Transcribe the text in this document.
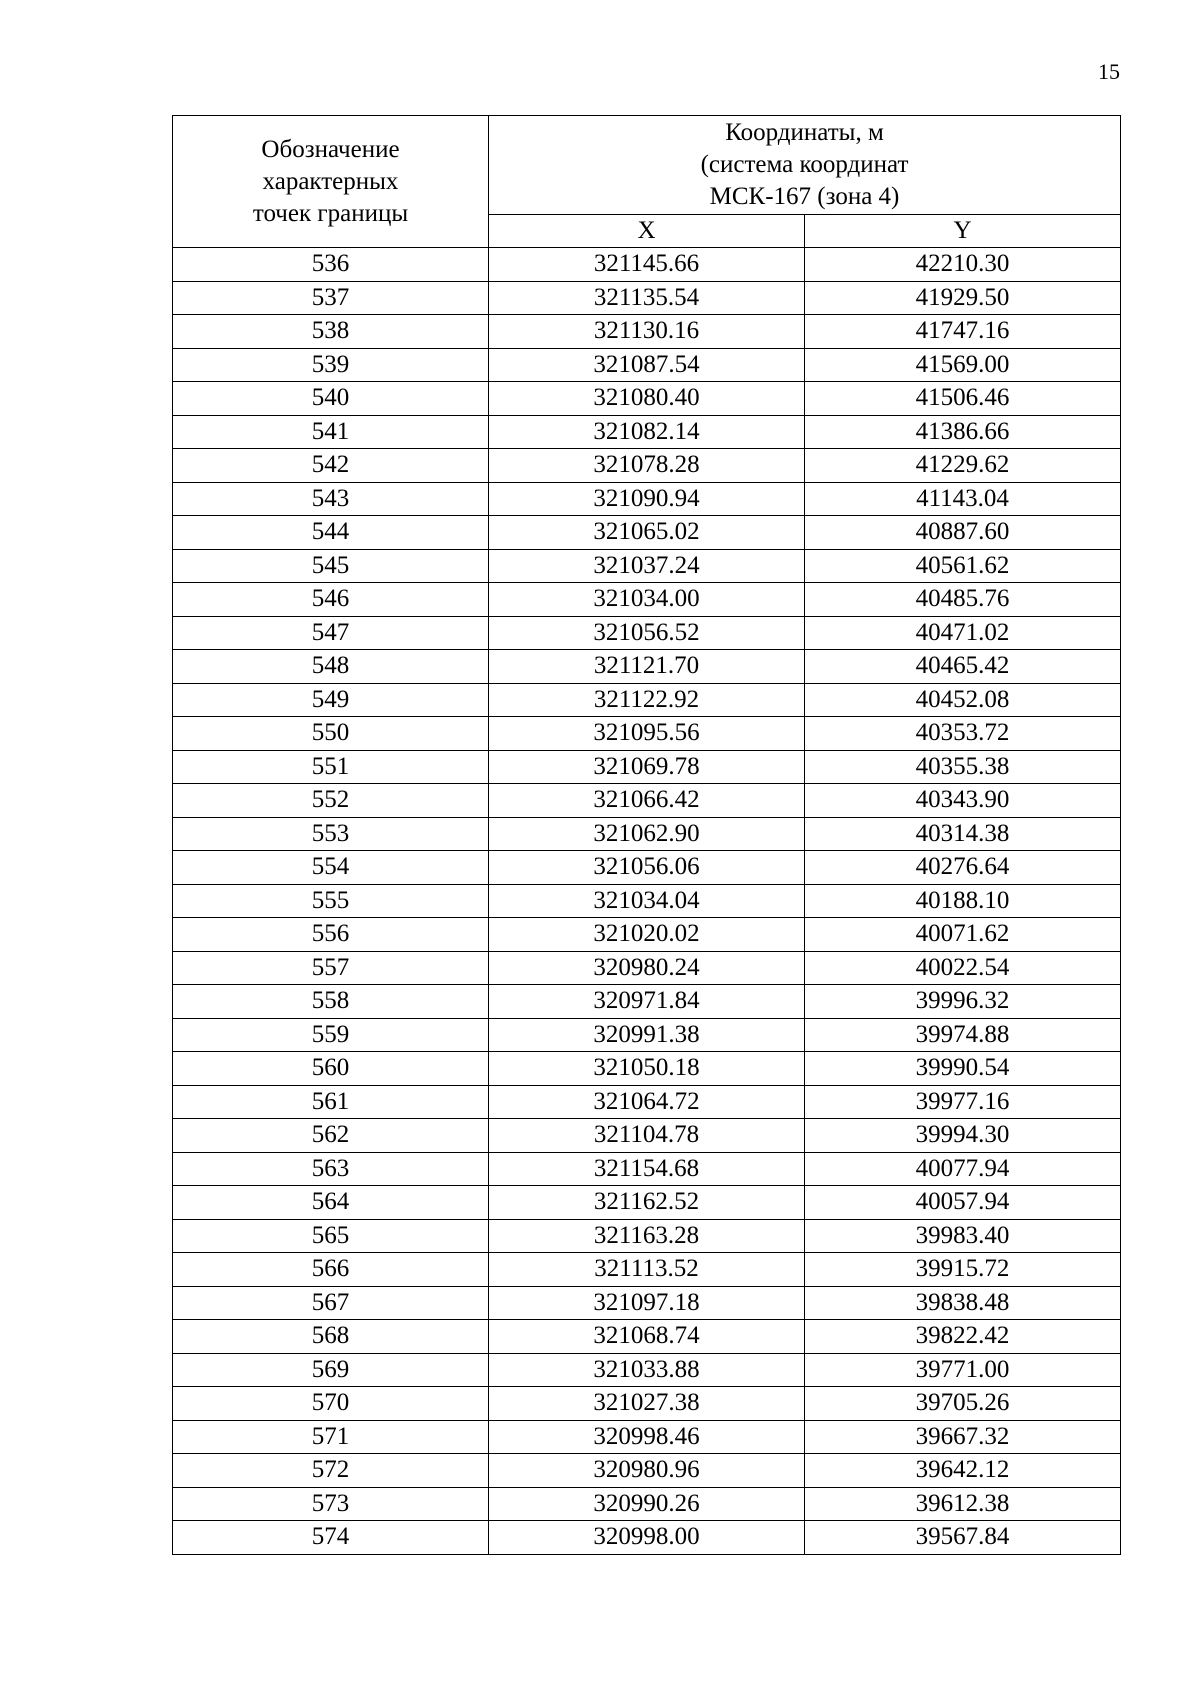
15
Обозначение
характерных
точек границы	Координаты, м
(система координат
МСК-167 (зона 4)	

	X	Y
536	321145.66	42210.30
537	321135.54	41929.50
538	321130.16	41747.16
539	321087.54	41569.00
540	321080.40	41506.46
541	321082.14	41386.66
542	321078.28	41229.62
543	321090.94	41143.04
544	321065.02	40887.60
545	321037.24	40561.62
546	321034.00	40485.76
547	321056.52	40471.02
548	321121.70	40465.42
549	321122.92	40452.08
550	321095.56	40353.72
551	321069.78	40355.38
552	321066.42	40343.90
553	321062.90	40314.38
554	321056.06	40276.64
555	321034.04	40188.10
556	321020.02	40071.62
557	320980.24	40022.54
558	320971.84	39996.32
559	320991.38	39974.88
560	321050.18	39990.54
561	321064.72	39977.16
562	321104.78	39994.30
563	321154.68	40077.94
564	321162.52	40057.94
565	321163.28	39983.40
566	321113.52	39915.72
567	321097.18	39838.48
568	321068.74	39822.42
569	321033.88	39771.00
570	321027.38	39705.26
571	320998.46	39667.32
572	320980.96	39642.12
573	320990.26	39612.38
574	320998.00	39567.84
